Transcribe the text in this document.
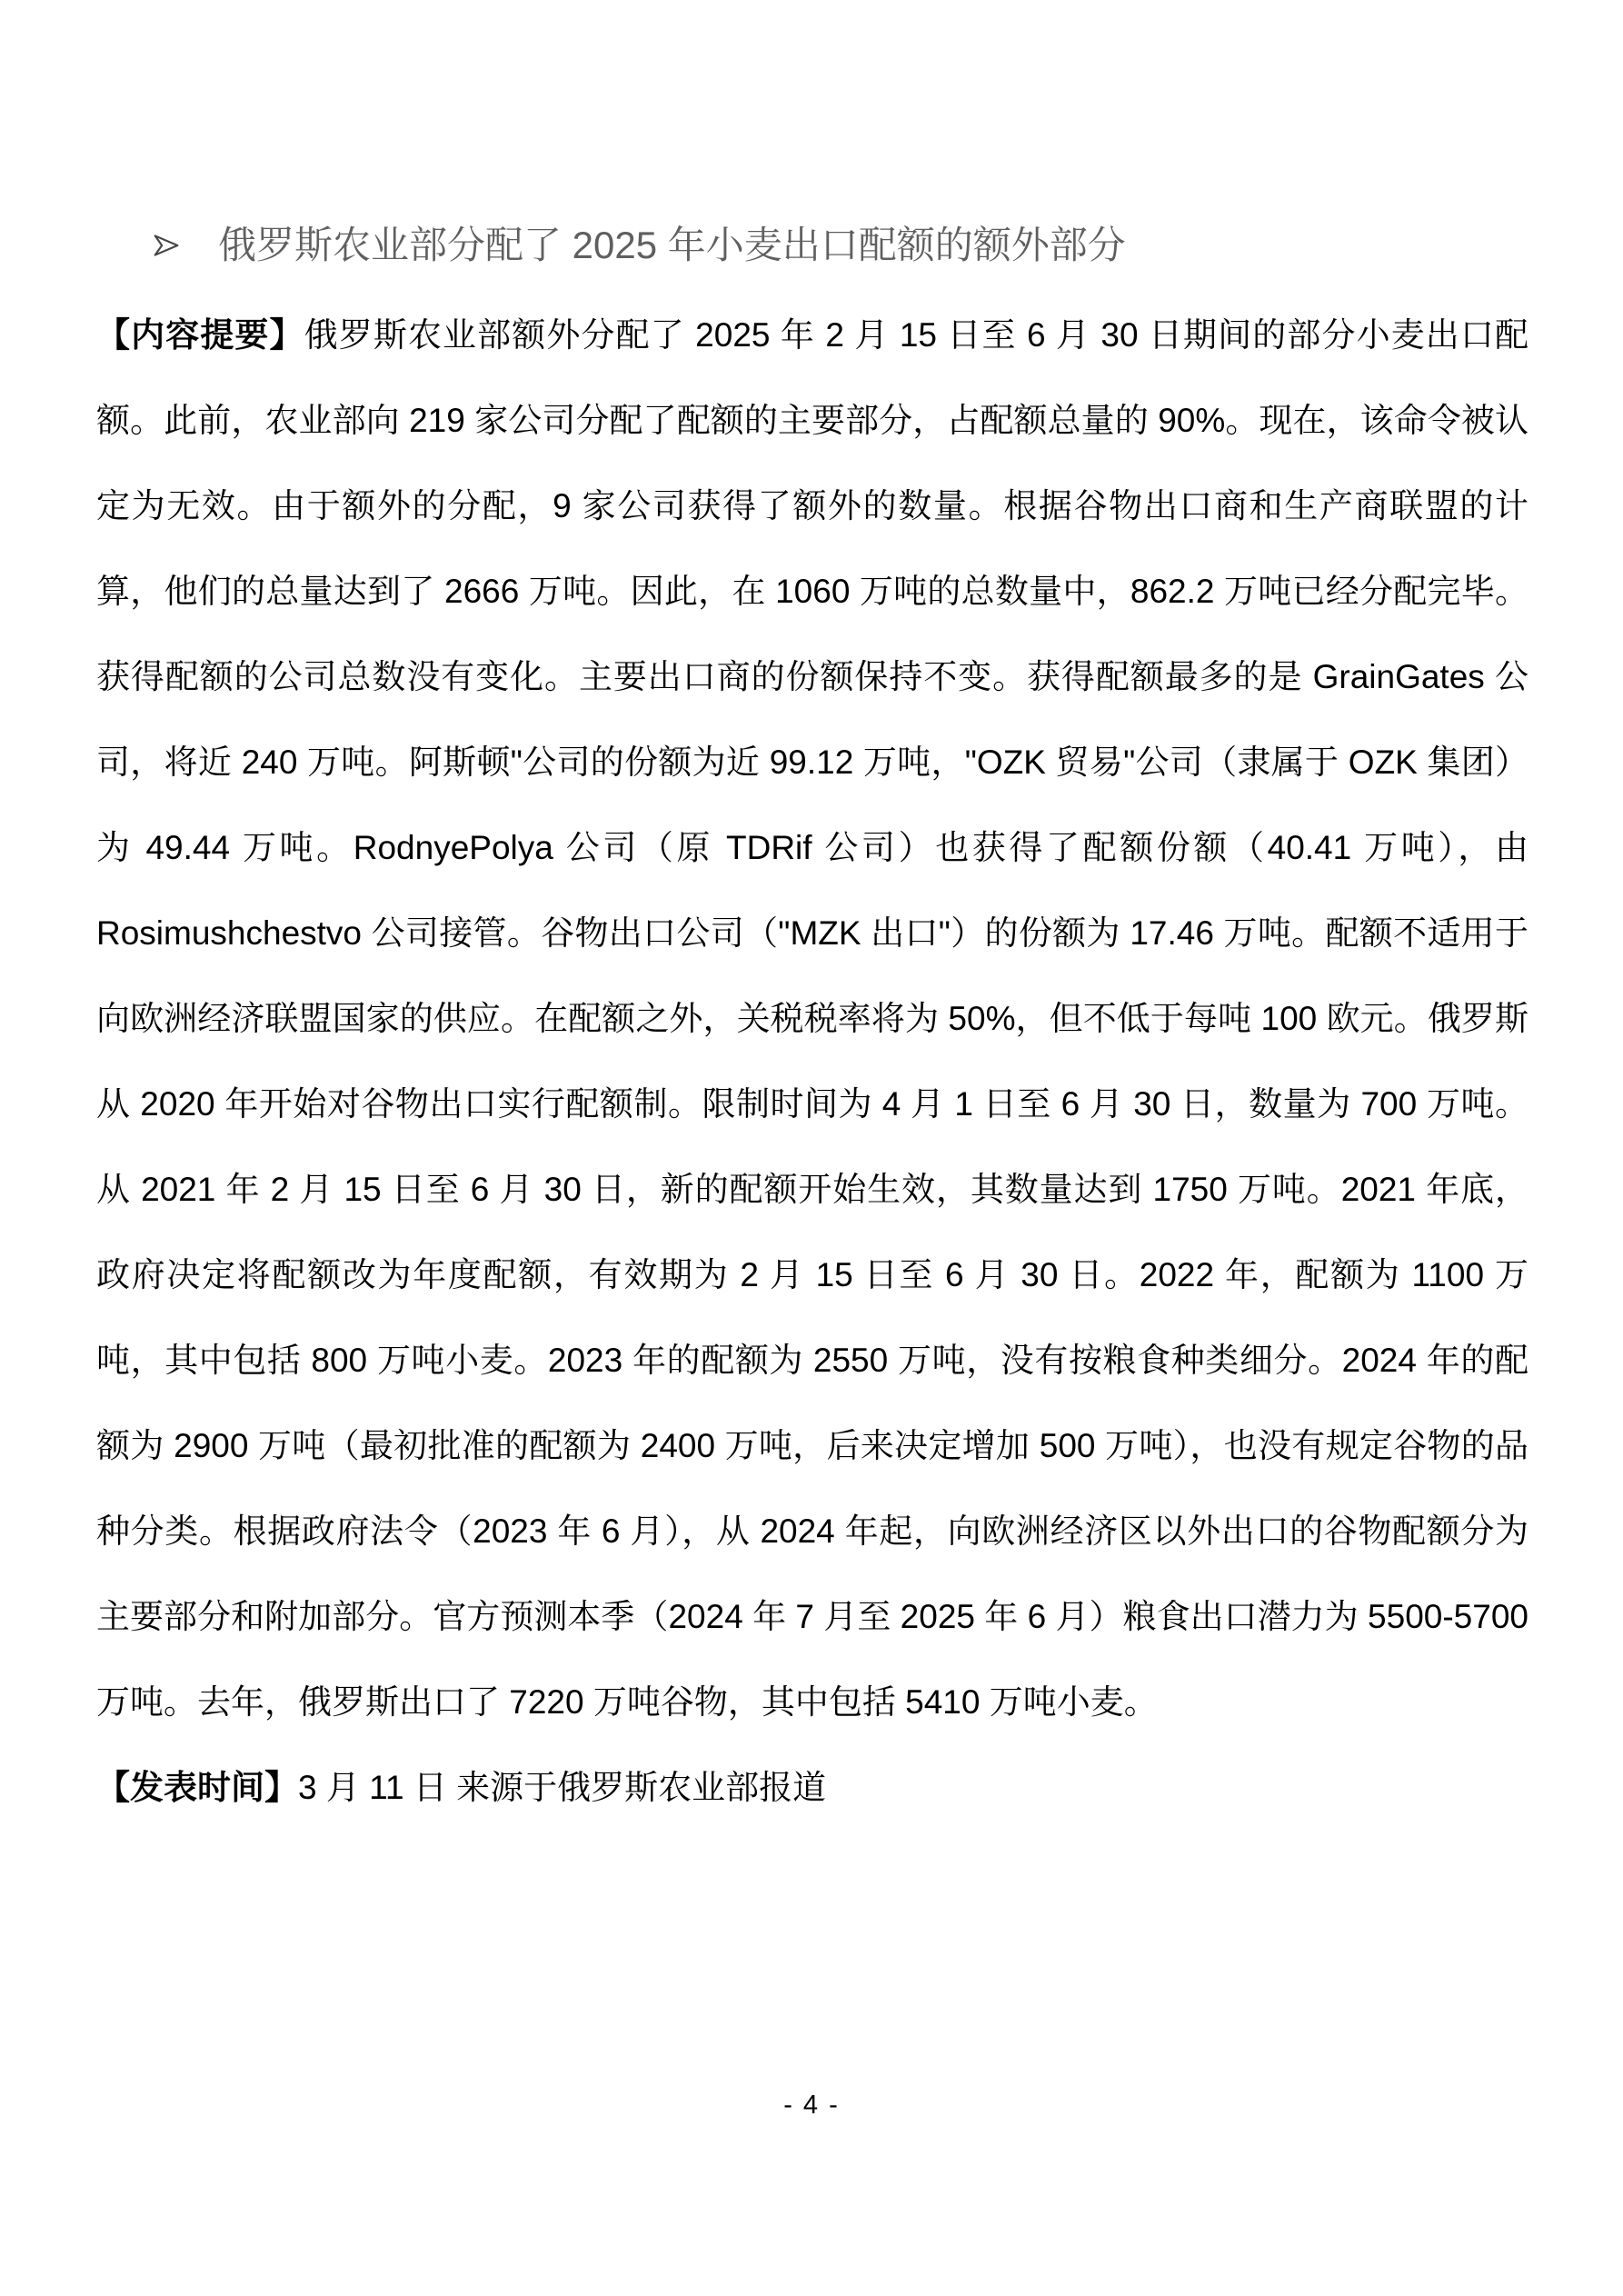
俄罗斯农业部分配了 2025 年小麦出口配额的额外部分

【内容提要】俄罗斯农业部额外分配了 2025 年 2 月 15 日至 6 月 30 日期间的部分小麦出口配额。此前，农业部向 219 家公司分配了配额的主要部分，占配额总量的 90%。现在，该命令被认定为无效。由于额外的分配，9 家公司获得了额外的数量。根据谷物出口商和生产商联盟的计算，他们的总量达到了 2666 万吨。因此，在 1060 万吨的总数量中，862.2 万吨已经分配完毕。获得配额的公司总数没有变化。主要出口商的份额保持不变。获得配额最多的是 GrainGates 公司，将近 240 万吨。阿斯顿"公司的份额为近 99.12 万吨，"OZK 贸易"公司（隶属于 OZK 集团）为 49.44 万吨。RodnyePolya 公司（原 TDRif 公司）也获得了配额份额（40.41 万吨），由 Rosimushchestvo 公司接管。谷物出口公司（"MZK 出口"）的份额为 17.46 万吨。配额不适用于向欧洲经济联盟国家的供应。在配额之外，关税税率将为 50%，但不低于每吨 100 欧元。俄罗斯从 2020 年开始对谷物出口实行配额制。限制时间为 4 月 1 日至 6 月 30 日，数量为 700 万吨。从 2021 年 2 月 15 日至 6 月 30 日，新的配额开始生效，其数量达到 1750 万吨。2021 年底，政府决定将配额改为年度配额，有效期为 2 月 15 日至 6 月 30 日。2022 年，配额为 1100 万吨，其中包括 800 万吨小麦。2023 年的配额为 2550 万吨，没有按粮食种类细分。2024 年的配额为 2900 万吨（最初批准的配额为 2400 万吨，后来决定增加 500 万吨），也没有规定谷物的品种分类。根据政府法令（2023 年 6 月），从 2024 年起，向欧洲经济区以外出口的谷物配额分为主要部分和附加部分。官方预测本季（2024 年 7 月至 2025 年 6 月）粮食出口潜力为 5500-5700 万吨。去年，俄罗斯出口了 7220 万吨谷物，其中包括 5410 万吨小麦。

【发表时间】3 月 11 日 来源于俄罗斯农业部报道

- 4 -
